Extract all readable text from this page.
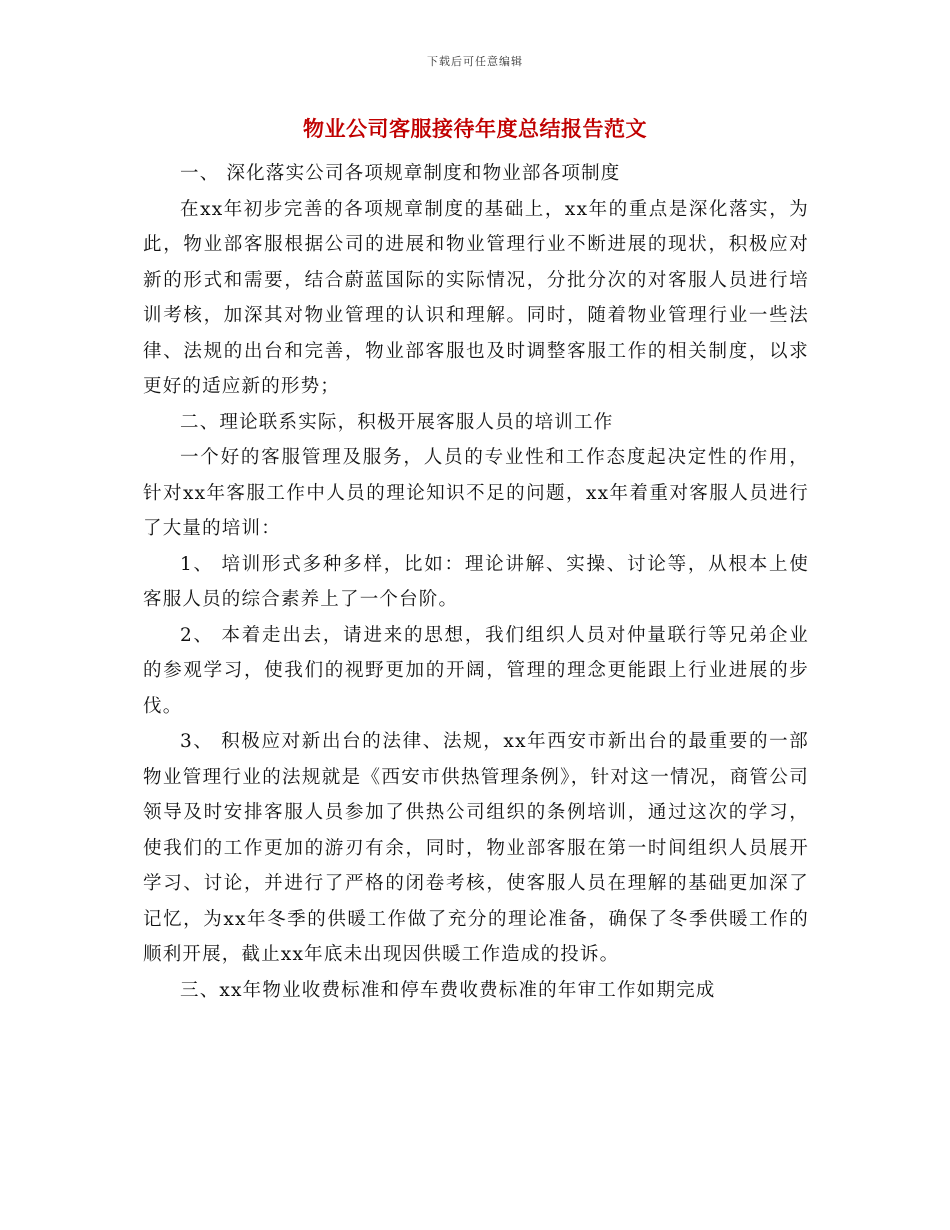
下载后可任意编辑
物业公司客服接待年度总结报告范文

一、 深化落实公司各项规章制度和物业部各项制度

在xx年初步完善的各项规章制度的基础上，xx年的重点是深化落实，为此，物业部客服根据公司的进展和物业管理行业不断进展的现状，积极应对新的形式和需要，结合蔚蓝国际的实际情况，分批分次的对客服人员进行培训考核，加深其对物业管理的认识和理解。同时，随着物业管理行业一些法律、法规的出台和完善，物业部客服也及时调整客服工作的相关制度，以求更好的适应新的形势；

二、理论联系实际，积极开展客服人员的培训工作

一个好的客服管理及服务，人员的专业性和工作态度起决定性的作用，针对xx年客服工作中人员的理论知识不足的问题，xx年着重对客服人员进行了大量的培训：

1、 培训形式多种多样，比如：理论讲解、实操、讨论等，从根本上使客服人员的综合素养上了一个台阶。

2、 本着走出去，请进来的思想，我们组织人员对仲量联行等兄弟企业的参观学习，使我们的视野更加的开阔，管理的理念更能跟上行业进展的步伐。

3、 积极应对新出台的法律、法规，xx年西安市新出台的最重要的一部物业管理行业的法规就是《西安市供热管理条例》，针对这一情况，商管公司领导及时安排客服人员参加了供热公司组织的条例培训，通过这次的学习，使我们的工作更加的游刃有余，同时，物业部客服在第一时间组织人员展开学习、讨论，并进行了严格的闭卷考核，使客服人员在理解的基础更加深了记忆，为xx年冬季的供暖工作做了充分的理论准备，确保了冬季供暖工作的顺利开展，截止xx年底未出现因供暖工作造成的投诉。

三、xx年物业收费标准和停车费收费标准的年审工作如期完成
